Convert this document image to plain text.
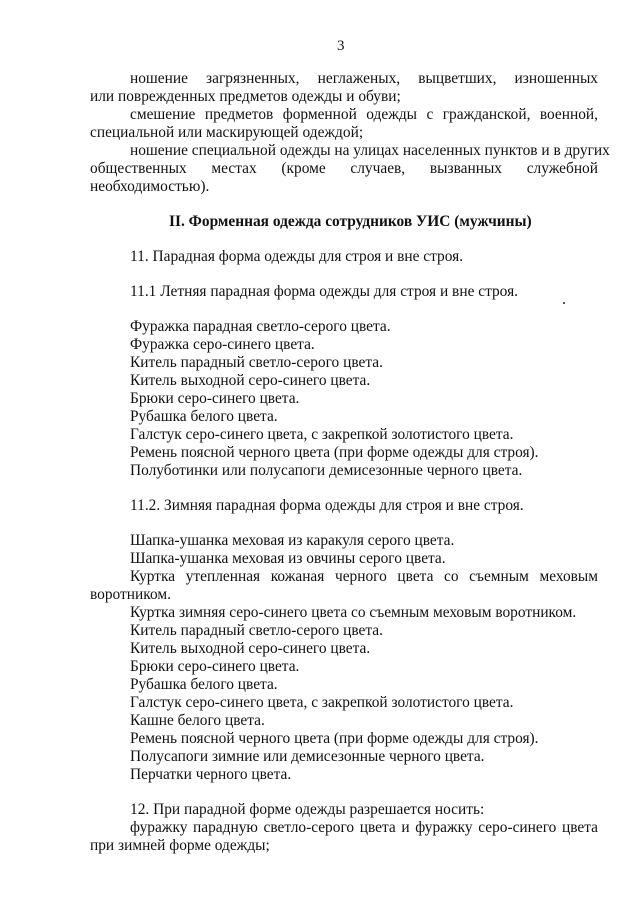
3
ношение загрязненных, неглаженых, выцветших, изношенных
или поврежденных предметов одежды и обуви;
смешение предметов форменной одежды с гражданской, военной,
специальной или маскирующей одеждой;
ношение специальной одежды на улицах населенных пунктов и в других
общественных местах (кроме случаев, вызванных служебной
необходимостью).
II. Форменная одежда сотрудников УИС (мужчины)
11. Парадная форма одежды для строя и вне строя.
11.1 Летняя парадная форма одежды для строя и вне строя.
Фуражка парадная светло-серого цвета.
Фуражка серо-синего цвета.
Китель парадный светло-серого цвета.
Китель выходной серо-синего цвета.
Брюки серо-синего цвета.
Рубашка белого цвета.
Галстук серо-синего цвета, с закрепкой золотистого цвета.
Ремень поясной черного цвета (при форме одежды для строя).
Полуботинки или полусапоги демисезонные черного цвета.
11.2. Зимняя парадная форма одежды для строя и вне строя.
Шапка-ушанка меховая из каракуля серого цвета.
Шапка-ушанка меховая из овчины серого цвета.
Куртка утепленная кожаная черного цвета со съемным меховым
воротником.
Куртка зимняя серо-синего цвета со съемным меховым воротником.
Китель парадный светло-серого цвета.
Китель выходной серо-синего цвета.
Брюки серо-синего цвета.
Рубашка белого цвета.
Галстук серо-синего цвета, с закрепкой золотистого цвета.
Кашне белого цвета.
Ремень поясной черного цвета (при форме одежды для строя).
Полусапоги зимние или демисезонные черного цвета.
Перчатки черного цвета.
12. При парадной форме одежды разрешается носить:
фуражку парадную светло-серого цвета и фуражку серо-синего цвета
при зимней форме одежды;
